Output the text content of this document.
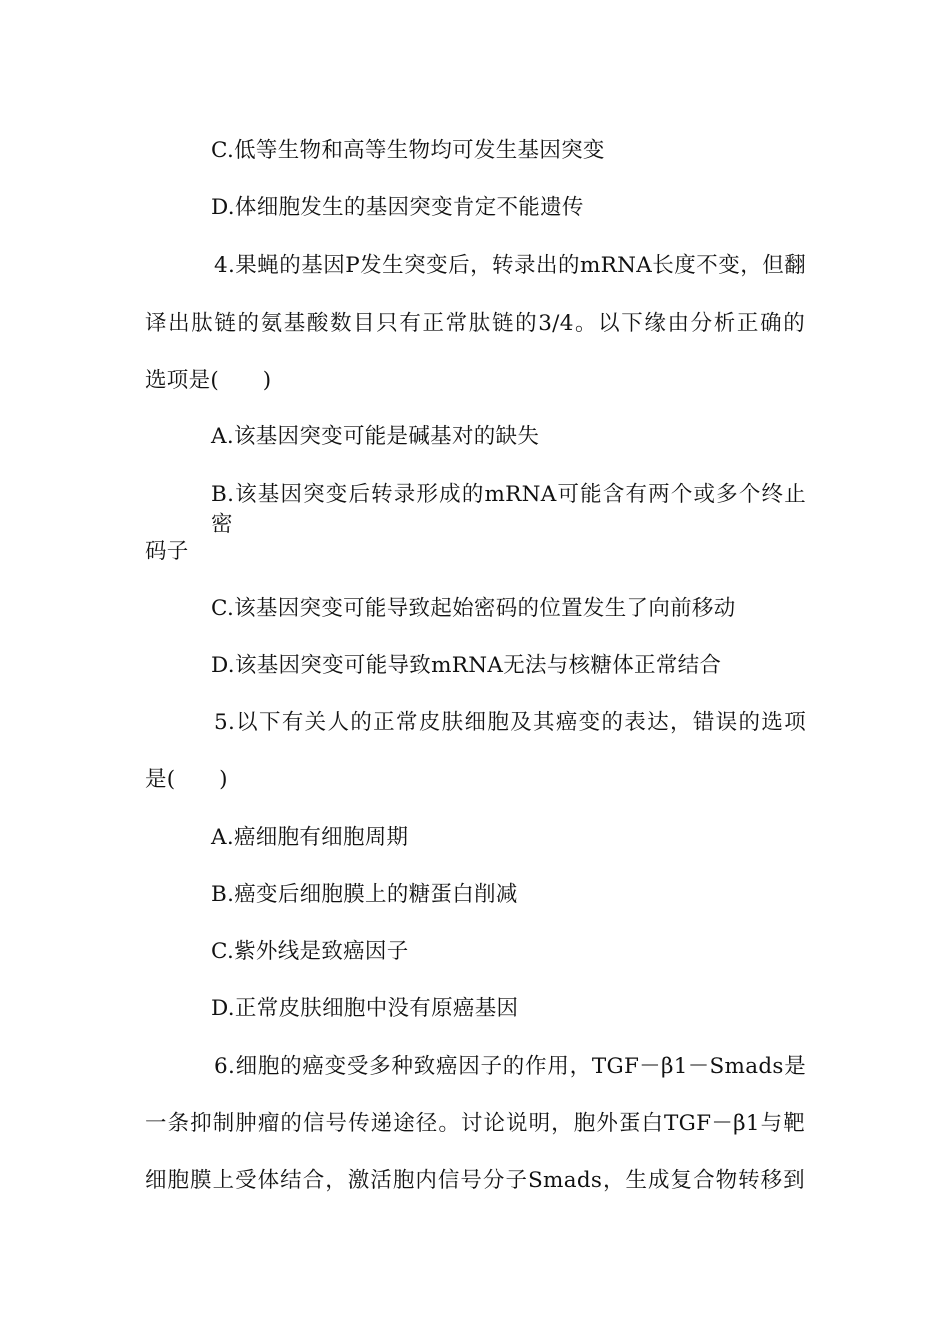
C.低等生物和高等生物均可发生基因突变
D.体细胞发生的基因突变肯定不能遗传
4.果蝇的基因P发生突变后，转录出的mRNA长度不变，但翻
译出肽链的氨基酸数目只有正常肽链的3/4。以下缘由分析正确的
选项是(　　)
A.该基因突变可能是碱基对的缺失
B.该基因突变后转录形成的mRNA可能含有两个或多个终止密
码子
C.该基因突变可能导致起始密码的位置发生了向前移动
D.该基因突变可能导致mRNA无法与核糖体正常结合
5.以下有关人的正常皮肤细胞及其癌变的表达，错误的选项
是(　　)
A.癌细胞有细胞周期
B.癌变后细胞膜上的糖蛋白削减
C.紫外线是致癌因子
D.正常皮肤细胞中没有原癌基因
6.细胞的癌变受多种致癌因子的作用，TGF－β1－Smads是
一条抑制肿瘤的信号传递途径。讨论说明，胞外蛋白TGF－β1与靶
细胞膜上受体结合，激活胞内信号分子Smads，生成复合物转移到
